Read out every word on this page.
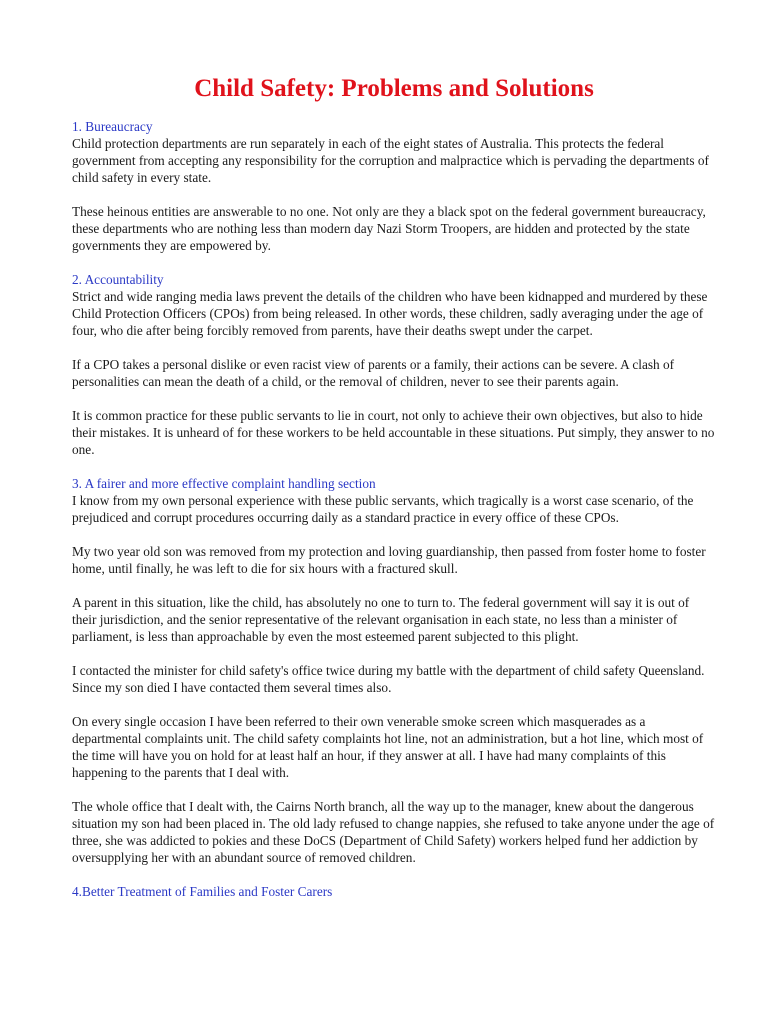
Child Safety: Problems and Solutions

1. Bureaucracy

Child protection departments are run separately in each of the eight states of Australia. This protects the federal government from accepting any responsibility for the corruption and malpractice which is pervading the departments of child safety in every state.

These heinous entities are answerable to no one. Not only are they a black spot on the federal government bureaucracy, these departments who are nothing less than modern day Nazi Storm Troopers, are hidden and protected by the state governments they are empowered by.

2. Accountability

Strict and wide ranging media laws prevent the details of the children who have been kidnapped and murdered by these Child Protection Officers (CPOs) from being released. In other words, these children, sadly averaging under the age of four, who die after being forcibly removed from parents, have their deaths swept under the carpet.

If a CPO takes a personal dislike or even racist view of parents or a family, their actions can be severe. A clash of personalities can mean the death of a child, or the removal of children, never to see their parents again.

It is common practice for these public servants to lie in court, not only to achieve their own objectives, but also to hide their mistakes. It is unheard of for these workers to be held accountable in these situations. Put simply, they answer to no one.

3. A fairer and more effective complaint handling section

I know from my own personal experience with these public servants, which tragically is a worst case scenario, of the prejudiced and corrupt procedures occurring daily as a standard practice in every office of these CPOs.

My two year old son was removed from my protection and loving guardianship, then passed from foster home to foster home, until finally, he was left to die for six hours with a fractured skull.

A parent in this situation, like the child, has absolutely no one to turn to. The federal government will say it is out of their jurisdiction, and the senior representative of the relevant organisation in each state, no less than a minister of parliament, is less than approachable by even the most esteemed parent subjected to this plight.

I contacted the minister for child safety's office twice during my battle with the department of child safety Queensland. Since my son died I have contacted them several times also.

On every single occasion I have been referred to their own venerable smoke screen which masquerades as a departmental complaints unit. The child safety complaints hot line, not an administration, but a hot line, which most of the time will have you on hold for at least half an hour, if they answer at all. I have had many complaints of this happening to the parents that I deal with.

The whole office that I dealt with, the Cairns North branch, all the way up to the manager, knew about the dangerous situation my son had been placed in. The old lady refused to change nappies, she refused to take anyone under the age of three, she was addicted to pokies and these DoCS (Department of Child Safety) workers helped fund her addiction by oversupplying her with an abundant source of removed children.

4.Better Treatment of Families and Foster Carers
